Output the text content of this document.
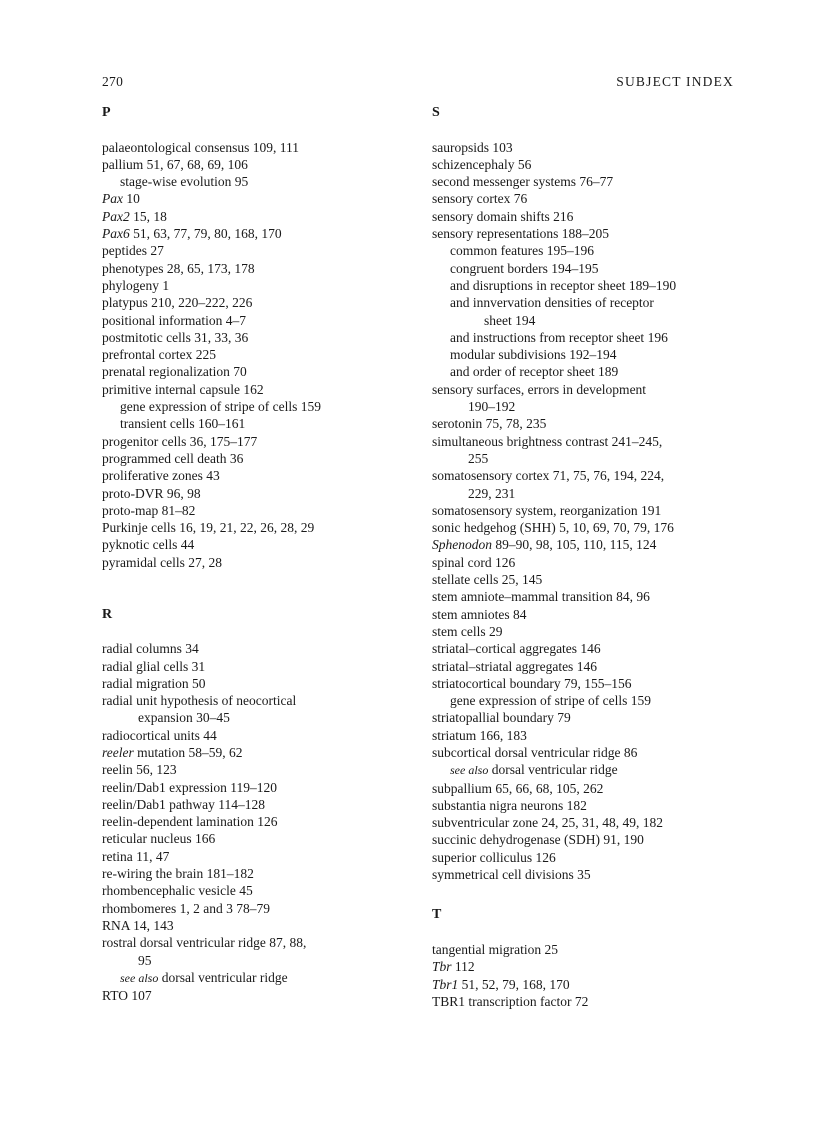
270	SUBJECT INDEX
P
palaeontological consensus 109, 111
pallium 51, 67, 68, 69, 106
stage-wise evolution 95
Pax 10
Pax2 15, 18
Pax6 51, 63, 77, 79, 80, 168, 170
peptides 27
phenotypes 28, 65, 173, 178
phylogeny 1
platypus 210, 220–222, 226
positional information 4–7
postmitotic cells 31, 33, 36
prefrontal cortex 225
prenatal regionalization 70
primitive internal capsule 162
gene expression of stripe of cells 159
transient cells 160–161
progenitor cells 36, 175–177
programmed cell death 36
proliferative zones 43
proto-DVR 96, 98
proto-map 81–82
Purkinje cells 16, 19, 21, 22, 26, 28, 29
pyknotic cells 44
pyramidal cells 27, 28
R
radial columns 34
radial glial cells 31
radial migration 50
radial unit hypothesis of neocortical
expansion 30–45
radiocortical units 44
reeler mutation 58–59, 62
reelin 56, 123
reelin/Dab1 expression 119–120
reelin/Dab1 pathway 114–128
reelin-dependent lamination 126
reticular nucleus 166
retina 11, 47
re-wiring the brain 181–182
rhombencephalic vesicle 45
rhombomeres 1, 2 and 3 78–79
RNA 14, 143
rostral dorsal ventricular ridge 87, 88,
95
see also dorsal ventricular ridge
RTO 107
S
sauropsids 103
schizencephaly 56
second messenger systems 76–77
sensory cortex 76
sensory domain shifts 216
sensory representations 188–205
common features 195–196
congruent borders 194–195
and disruptions in receptor sheet 189–190
and innvervation densities of receptor
sheet 194
and instructions from receptor sheet 196
modular subdivisions 192–194
and order of receptor sheet 189
sensory surfaces, errors in development
190–192
serotonin 75, 78, 235
simultaneous brightness contrast 241–245,
255
somatosensory cortex 71, 75, 76, 194, 224,
229, 231
somatosensory system, reorganization 191
sonic hedgehog (SHH) 5, 10, 69, 70, 79, 176
Sphenodon 89–90, 98, 105, 110, 115, 124
spinal cord 126
stellate cells 25, 145
stem amniote–mammal transition 84, 96
stem amniotes 84
stem cells 29
striatal–cortical aggregates 146
striatal–striatal aggregates 146
striatocortical boundary 79, 155–156
gene expression of stripe of cells 159
striatopallial boundary 79
striatum 166, 183
subcortical dorsal ventricular ridge 86
see also dorsal ventricular ridge
subpallium 65, 66, 68, 105, 262
substantia nigra neurons 182
subventricular zone 24, 25, 31, 48, 49, 182
succinic dehydrogenase (SDH) 91, 190
superior colliculus 126
symmetrical cell divisions 35
T
tangential migration 25
Tbr 112
Tbr1 51, 52, 79, 168, 170
TBR1 transcription factor 72
